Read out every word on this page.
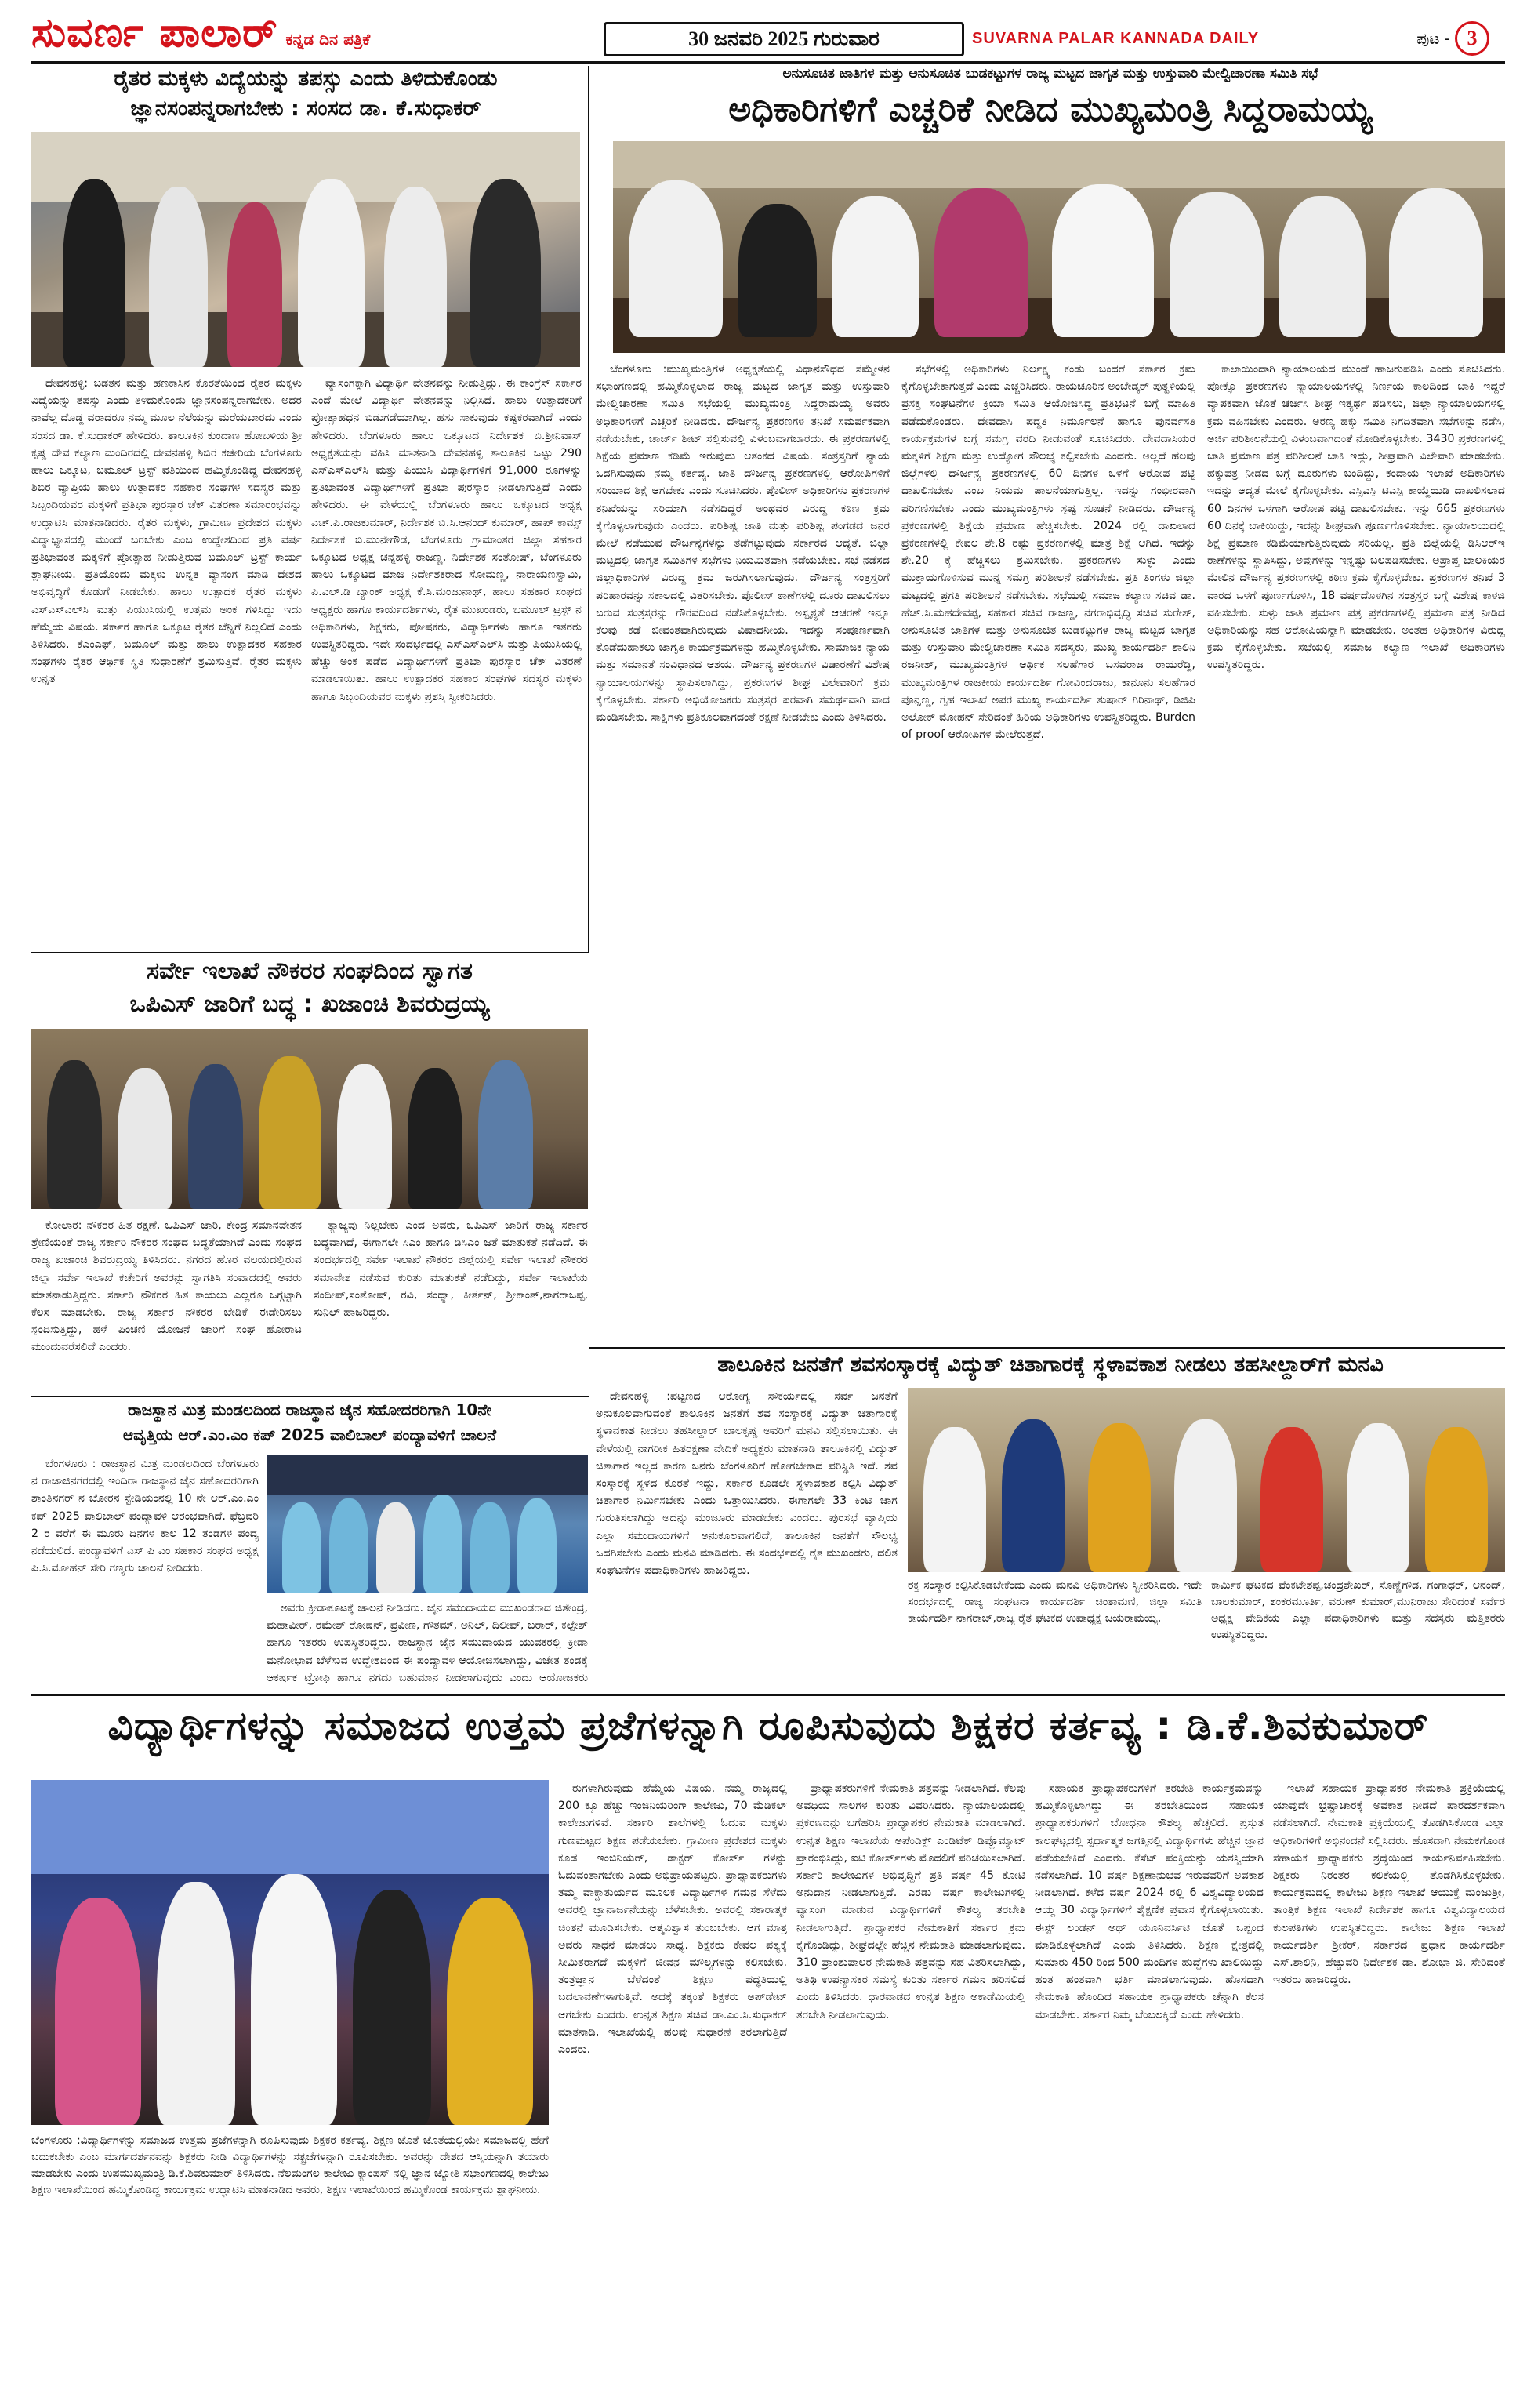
ಸುವರ್ಣ ಪಾಲಾರ್ ಕನ್ನಡ ದಿನ ಪತ್ರಿಕೆ	30 ಜನವರಿ 2025 ಗುರುವಾರ	SUVARNA PALAR KANNADA DAILY	ಪುಟ - 3
ರೈತರ ಮಕ್ಕಳು ವಿದ್ಯೆಯನ್ನು ತಪಸ್ಸು ಎಂದು ತಿಳಿದುಕೊಂಡು
ಜ್ಞಾನಸಂಪನ್ನರಾಗಬೇಕು : ಸಂಸದ ಡಾ. ಕೆ.ಸುಧಾಕರ್

ದೇವನಹಳ್ಳಿ: ಬಡತನ ಮತ್ತು ಹಣಕಾಸಿನ ಕೊರತೆಯಿಂದ ರೈತರ ಮಕ್ಕಳು ವಿದ್ಯೆಯನ್ನು ತಪಸ್ಸು ಎಂದು ತಿಳಿದುಕೊಂಡು ಜ್ಞಾನಸಂಪನ್ನರಾಗಬೇಕು. ಅದರ ನಾವೆಲ್ಲ ದೊಡ್ಡ ವರಾದರೂ ನಮ್ಮ ಮೂಲ ನೆಲೆಯನ್ನು ಮರೆಯಬಾರದು ಎಂದು ಸಂಸದ ಡಾ. ಕೆ.ಸುಧಾಕರ್ ಹೇಳಿದರು. ತಾಲೂಕಿನ ಕುಂದಾಣ ಹೋಬಳಿಯ ಶ್ರೀ ಕೃಷ್ಣ ದೇವ ಕಲ್ಯಾಣ ಮಂದಿರದಲ್ಲಿ ದೇವನಹಳ್ಳಿ ಶಿಬಿರ ಕಚೇರಿಯ ಬೆಂಗಳೂರು ಹಾಲು ಒಕ್ಕೂಟ, ಬಮೂಲ್ ಟ್ರಸ್ಟ್ ವತಿಯಿಂದ ಹಮ್ಮಿಕೊಂಡಿದ್ದ ದೇವನಹಳ್ಳಿ ಶಿಬಿರ ವ್ಯಾಪ್ತಿಯ ಹಾಲು ಉತ್ಪಾದಕರ ಸಹಕಾರ ಸಂಘಗಳ ಸದಸ್ಯರ ಮತ್ತು ಸಿಬ್ಬಂದಿಯವರ ಮಕ್ಕಳಿಗೆ ಪ್ರತಿಭಾ ಪುರಸ್ಕಾರ ಚೆಕ್ ವಿತರಣಾ ಸಮಾರಂಭವನ್ನು ಉದ್ಘಾಟಿಸಿ ಮಾತನಾಡಿದರು. ರೈತರ ಮಕ್ಕಳು, ಗ್ರಾಮೀಣ ಪ್ರದೇಶದ ಮಕ್ಕಳು ವಿದ್ಯಾಭ್ಯಾಸದಲ್ಲಿ ಮುಂದೆ ಬರಬೇಕು ಎಂಬ ಉದ್ದೇಶದಿಂದ ಪ್ರತಿ ವರ್ಷ ಪ್ರತಿಭಾವಂತ ಮಕ್ಕಳಿಗೆ ಪ್ರೋತ್ಸಾಹ ನೀಡುತ್ತಿರುವ ಬಮೂಲ್ ಟ್ರಸ್ಟ್ ಕಾರ್ಯ ಶ್ಲಾಘನೀಯ. ಪ್ರತಿಯೊಂದು ಮಕ್ಕಳು ಉನ್ನತ ವ್ಯಾಸಂಗ ಮಾಡಿ ದೇಶದ ಅಭಿವೃದ್ಧಿಗೆ ಕೊಡುಗೆ ನೀಡಬೇಕು. ಹಾಲು ಉತ್ಪಾದಕ ರೈತರ ಮಕ್ಕಳು ಎಸ್ಎಸ್ಎಲ್‌ಸಿ ಮತ್ತು ಪಿಯುಸಿಯಲ್ಲಿ ಉತ್ತಮ ಅಂಕ ಗಳಿಸಿದ್ದು ಇದು ಹೆಮ್ಮೆಯ ವಿಷಯ. ಸರ್ಕಾರ ಹಾಗೂ ಒಕ್ಕೂಟ ರೈತರ ಬೆನ್ನಿಗೆ ನಿಲ್ಲಲಿದೆ ಎಂದು ತಿಳಿಸಿದರು. ಕೆಎಂಎಫ್, ಬಮೂಲ್ ಮತ್ತು ಹಾಲು ಉತ್ಪಾದಕರ ಸಹಕಾರ ಸಂಘಗಳು ರೈತರ ಆರ್ಥಿಕ ಸ್ಥಿತಿ ಸುಧಾರಣೆಗೆ ಶ್ರಮಿಸುತ್ತಿವೆ. ರೈತರ ಮಕ್ಕಳು ಉನ್ನತ

ವ್ಯಾಸಂಗಕ್ಕಾಗಿ ವಿದ್ಯಾರ್ಥಿ ವೇತನವನ್ನು ನೀಡುತ್ತಿದ್ದು, ಈ ಕಾಂಗ್ರೆಸ್ ಸರ್ಕಾರ ಎಂದೆ ಮೇಲೆ ವಿದ್ಯಾರ್ಥಿ ವೇತನವನ್ನು ನಿಲ್ಲಿಸಿದೆ. ಹಾಲು ಉತ್ಪಾದಕರಿಗೆ ಪ್ರೋತ್ಸಾಹಧನ ಬಿಡುಗಡೆಯಾಗಿಲ್ಲ. ಹಸು ಸಾಕುವುದು ಕಷ್ಟಕರವಾಗಿದೆ ಎಂದು ಹೇಳಿದರು. ಬೆಂಗಳೂರು ಹಾಲು ಒಕ್ಕೂಟದ ನಿರ್ದೇಶಕ ಬಿ.ಶ್ರೀನಿವಾಸ್ ಅಧ್ಯಕ್ಷತೆಯನ್ನು ವಹಿಸಿ ಮಾತನಾಡಿ ದೇವನಹಳ್ಳಿ ತಾಲೂಕಿನ ಒಟ್ಟು 290 ಎಸ್ಎಸ್ಎಲ್‌ಸಿ ಮತ್ತು ಪಿಯುಸಿ ವಿದ್ಯಾರ್ಥಿಗಳಿಗೆ 91,000 ರೂಗಳನ್ನು ಪ್ರತಿಭಾವಂತ ವಿದ್ಯಾರ್ಥಿಗಳಿಗೆ ಪ್ರತಿಭಾ ಪುರಸ್ಕಾರ ನೀಡಲಾಗುತ್ತಿದೆ ಎಂದು ಹೇಳಿದರು. ಈ ವೇಳೆಯಲ್ಲಿ ಬೆಂಗಳೂರು ಹಾಲು ಒಕ್ಕೂಟದ ಅಧ್ಯಕ್ಷ ಎಚ್.ಪಿ.ರಾಜಕುಮಾರ್, ನಿರ್ದೇಶಕ ಬಿ.ಸಿ.ಆನಂದ್ ಕುಮಾರ್, ಹಾಪ್ ಕಾಮ್ಸ್ ನಿರ್ದೇಶಕ ಬಿ.ಮುನೇಗೌಡ, ಬೆಂಗಳೂರು ಗ್ರಾಮಾಂತರ ಜಿಲ್ಲಾ ಸಹಕಾರ ಒಕ್ಕೂಟದ ಅಧ್ಯಕ್ಷ ಚನ್ನಹಳ್ಳಿ ರಾಜಣ್ಣ, ನಿರ್ದೇಶಕ ಸಂತೋಷ್, ಬೆಂಗಳೂರು ಹಾಲು ಒಕ್ಕೂಟದ ಮಾಜಿ ನಿರ್ದೇಶಕರಾದ ಸೋಮಣ್ಣ, ನಾರಾಯಣಸ್ವಾಮಿ, ಪಿ.ಎಲ್.ಡಿ ಬ್ಯಾಂಕ್ ಅಧ್ಯಕ್ಷ ಕೆ.ಸಿ.ಮಂಜುನಾಥ್, ಹಾಲು ಸಹಕಾರ ಸಂಘದ ಅಧ್ಯಕ್ಷರು ಹಾಗೂ ಕಾರ್ಯದರ್ಶಿಗಳು, ರೈತ ಮುಖಂಡರು, ಬಮೂಲ್ ಟ್ರಸ್ಟ್ ನ ಅಧಿಕಾರಿಗಳು, ಶಿಕ್ಷಕರು, ಪೋಷಕರು, ವಿದ್ಯಾರ್ಥಿಗಳು ಹಾಗೂ ಇತರರು ಉಪಸ್ಥಿತರಿದ್ದರು. ಇದೇ ಸಂದರ್ಭದಲ್ಲಿ ಎಸ್ಎಸ್ಎಲ್‌ಸಿ ಮತ್ತು ಪಿಯುಸಿಯಲ್ಲಿ ಹೆಚ್ಚು ಅಂಕ ಪಡೆದ ವಿದ್ಯಾರ್ಥಿಗಳಿಗೆ ಪ್ರತಿಭಾ ಪುರಸ್ಕಾರ ಚೆಕ್ ವಿತರಣೆ ಮಾಡಲಾಯಿತು. ಹಾಲು ಉತ್ಪಾದಕರ ಸಹಕಾರ ಸಂಘಗಳ ಸದಸ್ಯರ ಮಕ್ಕಳು ಹಾಗೂ ಸಿಬ್ಬಂದಿಯವರ ಮಕ್ಕಳು ಪ್ರಶಸ್ತಿ ಸ್ವೀಕರಿಸಿದರು.

ಅನುಸೂಚಿತ ಜಾತಿಗಳ ಮತ್ತು ಅನುಸೂಚಿತ ಬುಡಕಟ್ಟುಗಳ ರಾಜ್ಯ ಮಟ್ಟದ ಜಾಗೃತ ಮತ್ತು ಉಸ್ತುವಾರಿ ಮೇಲ್ವಿಚಾರಣಾ ಸಮಿತಿ ಸಭೆ
ಅಧಿಕಾರಿಗಳಿಗೆ ಎಚ್ಚರಿಕೆ ನೀಡಿದ ಮುಖ್ಯಮಂತ್ರಿ ಸಿದ್ದರಾಮಯ್ಯ

ಬೆಂಗಳೂರು :ಮುಖ್ಯಮಂತ್ರಿಗಳ ಅಧ್ಯಕ್ಷತೆಯಲ್ಲಿ ವಿಧಾನಸೌಧದ ಸಮ್ಮೇಳನ ಸಭಾಂಗಣದಲ್ಲಿ ಹಮ್ಮಿಕೊಳ್ಳಲಾದ ರಾಜ್ಯ ಮಟ್ಟದ ಜಾಗೃತ ಮತ್ತು ಉಸ್ತುವಾರಿ ಮೇಲ್ವಿಚಾರಣಾ ಸಮಿತಿ ಸಭೆಯಲ್ಲಿ ಮುಖ್ಯಮಂತ್ರಿ ಸಿದ್ದರಾಮಯ್ಯ ಅವರು ಅಧಿಕಾರಿಗಳಿಗೆ ಎಚ್ಚರಿಕೆ ನೀಡಿದರು. ದೌರ್ಜನ್ಯ ಪ್ರಕರಣಗಳ ತನಿಖೆ ಸಮರ್ಪಕವಾಗಿ ನಡೆಯಬೇಕು, ಚಾರ್ಜ್ ಶೀಟ್ ಸಲ್ಲಿಸುವಲ್ಲಿ ವಿಳಂಬವಾಗಬಾರದು. ಈ ಪ್ರಕರಣಗಳಲ್ಲಿ ಶಿಕ್ಷೆಯ ಪ್ರಮಾಣ ಕಡಿಮೆ ಇರುವುದು ಆತಂಕದ ವಿಷಯ. ಸಂತ್ರಸ್ತರಿಗೆ ನ್ಯಾಯ ಒದಗಿಸುವುದು ನಮ್ಮ ಕರ್ತವ್ಯ. ಜಾತಿ ದೌರ್ಜನ್ಯ ಪ್ರಕರಣಗಳಲ್ಲಿ ಆರೋಪಿಗಳಿಗೆ ಸರಿಯಾದ ಶಿಕ್ಷೆ ಆಗಬೇಕು ಎಂದು ಸೂಚಿಸಿದರು. ಪೊಲೀಸ್ ಅಧಿಕಾರಿಗಳು ಪ್ರಕರಣಗಳ ತನಿಖೆಯನ್ನು ಸರಿಯಾಗಿ ನಡೆಸದಿದ್ದರೆ ಅಂಥವರ ವಿರುದ್ಧ ಕಠಿಣ ಕ್ರಮ ಕೈಗೊಳ್ಳಲಾಗುವುದು ಎಂದರು. ಪರಿಶಿಷ್ಟ ಜಾತಿ ಮತ್ತು ಪರಿಶಿಷ್ಟ ಪಂಗಡದ ಜನರ ಮೇಲೆ ನಡೆಯುವ ದೌರ್ಜನ್ಯಗಳನ್ನು ತಡೆಗಟ್ಟುವುದು ಸರ್ಕಾರದ ಆದ್ಯತೆ. ಜಿಲ್ಲಾ ಮಟ್ಟದಲ್ಲಿ ಜಾಗೃತ ಸಮಿತಿಗಳ ಸಭೆಗಳು ನಿಯಮಿತವಾಗಿ ನಡೆಯಬೇಕು. ಸಭೆ ನಡೆಸದ ಜಿಲ್ಲಾಧಿಕಾರಿಗಳ ವಿರುದ್ಧ ಕ್ರಮ ಜರುಗಿಸಲಾಗುವುದು. ದೌರ್ಜನ್ಯ ಸಂತ್ರಸ್ತರಿಗೆ ಪರಿಹಾರವನ್ನು ಸಕಾಲದಲ್ಲಿ ವಿತರಿಸಬೇಕು. ಪೊಲೀಸ್ ಠಾಣೆಗಳಲ್ಲಿ ದೂರು ದಾಖಲಿಸಲು ಬರುವ ಸಂತ್ರಸ್ತರನ್ನು ಗೌರವದಿಂದ ನಡೆಸಿಕೊಳ್ಳಬೇಕು. ಅಸ್ಪೃಶ್ಯತೆ ಆಚರಣೆ ಇನ್ನೂ ಕೆಲವು ಕಡೆ ಜೀವಂತವಾಗಿರುವುದು ವಿಷಾದನೀಯ. ಇದನ್ನು ಸಂಪೂರ್ಣವಾಗಿ ತೊಡೆದುಹಾಕಲು ಜಾಗೃತಿ ಕಾರ್ಯಕ್ರಮಗಳನ್ನು ಹಮ್ಮಿಕೊಳ್ಳಬೇಕು. ಸಾಮಾಜಿಕ ನ್ಯಾಯ ಮತ್ತು ಸಮಾನತೆ ಸಂವಿಧಾನದ ಆಶಯ. ದೌರ್ಜನ್ಯ ಪ್ರಕರಣಗಳ ವಿಚಾರಣೆಗೆ ವಿಶೇಷ ನ್ಯಾಯಾಲಯಗಳನ್ನು ಸ್ಥಾಪಿಸಲಾಗಿದ್ದು, ಪ್ರಕರಣಗಳ ಶೀಘ್ರ ವಿಲೇವಾರಿಗೆ ಕ್ರಮ ಕೈಗೊಳ್ಳಬೇಕು. ಸರ್ಕಾರಿ ಅಭಿಯೋಜಕರು ಸಂತ್ರಸ್ತರ ಪರವಾಗಿ ಸಮರ್ಥವಾಗಿ ವಾದ ಮಂಡಿಸಬೇಕು. ಸಾಕ್ಷಿಗಳು ಪ್ರತಿಕೂಲವಾಗದಂತೆ ರಕ್ಷಣೆ ನೀಡಬೇಕು ಎಂದು ತಿಳಿಸಿದರು.

ಸಭೆಗಳಲ್ಲಿ ಅಧಿಕಾರಿಗಳು ನಿರ್ಲಕ್ಷ್ಯ ಕಂಡು ಬಂದರೆ ಸರ್ಕಾರ ಕ್ರಮ ಕೈಗೊಳ್ಳಬೇಕಾಗುತ್ತದೆ ಎಂದು ಎಚ್ಚರಿಸಿದರು. ರಾಯಚೂರಿನ ಅಂಬೇಡ್ಕರ್ ಪುತ್ಥಳಿಯಲ್ಲಿ ಪ್ರಸಕ್ತ ಸಂಘಟನೆಗಳ ಕ್ರಿಯಾ ಸಮಿತಿ ಆಯೋಜಿಸಿದ್ದ ಪ್ರತಿಭಟನೆ ಬಗ್ಗೆ ಮಾಹಿತಿ ಪಡೆದುಕೊಂಡರು. ದೇವದಾಸಿ ಪದ್ಧತಿ ನಿರ್ಮೂಲನೆ ಹಾಗೂ ಪುನರ್ವಸತಿ ಕಾರ್ಯಕ್ರಮಗಳ ಬಗ್ಗೆ ಸಮಗ್ರ ವರದಿ ನೀಡುವಂತೆ ಸೂಚಿಸಿದರು. ದೇವದಾಸಿಯರ ಮಕ್ಕಳಿಗೆ ಶಿಕ್ಷಣ ಮತ್ತು ಉದ್ಯೋಗ ಸೌಲಭ್ಯ ಕಲ್ಪಿಸಬೇಕು ಎಂದರು. ಅಲ್ಲದೆ ಹಲವು ಜಿಲ್ಲೆಗಳಲ್ಲಿ ದೌರ್ಜನ್ಯ ಪ್ರಕರಣಗಳಲ್ಲಿ 60 ದಿನಗಳ ಒಳಗೆ ಆರೋಪ ಪಟ್ಟಿ ದಾಖಲಿಸಬೇಕು ಎಂಬ ನಿಯಮ ಪಾಲನೆಯಾಗುತ್ತಿಲ್ಲ. ಇದನ್ನು ಗಂಭೀರವಾಗಿ ಪರಿಗಣಿಸಬೇಕು ಎಂದು ಮುಖ್ಯಮಂತ್ರಿಗಳು ಸ್ಪಷ್ಟ ಸೂಚನೆ ನೀಡಿದರು. ದೌರ್ಜನ್ಯ ಪ್ರಕರಣಗಳಲ್ಲಿ ಶಿಕ್ಷೆಯ ಪ್ರಮಾಣ ಹೆಚ್ಚಿಸಬೇಕು. 2024 ರಲ್ಲಿ ದಾಖಲಾದ ಪ್ರಕರಣಗಳಲ್ಲಿ ಕೇವಲ ಶೇ.8 ರಷ್ಟು ಪ್ರಕರಣಗಳಲ್ಲಿ ಮಾತ್ರ ಶಿಕ್ಷೆ ಆಗಿದೆ. ಇದನ್ನು ಶೇ.20 ಕ್ಕೆ ಹೆಚ್ಚಿಸಲು ಶ್ರಮಿಸಬೇಕು. ಪ್ರಕರಣಗಳು ಸುಳ್ಳು ಎಂದು ಮುಕ್ತಾಯಗೊಳಿಸುವ ಮುನ್ನ ಸಮಗ್ರ ಪರಿಶೀಲನೆ ನಡೆಸಬೇಕು. ಪ್ರತಿ ತಿಂಗಳು ಜಿಲ್ಲಾ ಮಟ್ಟದಲ್ಲಿ ಪ್ರಗತಿ ಪರಿಶೀಲನೆ ನಡೆಸಬೇಕು. ಸಭೆಯಲ್ಲಿ ಸಮಾಜ ಕಲ್ಯಾಣ ಸಚಿವ ಡಾ. ಹೆಚ್.ಸಿ.ಮಹದೇವಪ್ಪ, ಸಹಕಾರ ಸಚಿವ ರಾಜಣ್ಣ, ನಗರಾಭಿವೃದ್ಧಿ ಸಚಿವ ಸುರೇಶ್, ಅನುಸೂಚಿತ ಜಾತಿಗಳ ಮತ್ತು ಅನುಸೂಚಿತ ಬುಡಕಟ್ಟುಗಳ ರಾಜ್ಯ ಮಟ್ಟದ ಜಾಗೃತ ಮತ್ತು ಉಸ್ತುವಾರಿ ಮೇಲ್ವಿಚಾರಣಾ ಸಮಿತಿ ಸದಸ್ಯರು, ಮುಖ್ಯ ಕಾರ್ಯದರ್ಶಿ ಶಾಲಿನಿ ರಜನೀಶ್, ಮುಖ್ಯಮಂತ್ರಿಗಳ ಆರ್ಥಿಕ ಸಲಹೆಗಾರ ಬಸವರಾಜ ರಾಯರೆಡ್ಡಿ, ಮುಖ್ಯಮಂತ್ರಿಗಳ ರಾಜಕೀಯ ಕಾರ್ಯದರ್ಶಿ ಗೋವಿಂದರಾಜು, ಕಾನೂನು ಸಲಹೆಗಾರ ಪೊನ್ನಣ್ಣ, ಗೃಹ ಇಲಾಖೆ ಅಪರ ಮುಖ್ಯ ಕಾರ್ಯದರ್ಶಿ ತುಷಾರ್ ಗಿರಿನಾಥ್, ಡಿಜಿಪಿ ಅಲೋಕ್ ಮೋಹನ್ ಸೇರಿದಂತೆ ಹಿರಿಯ ಅಧಿಕಾರಿಗಳು ಉಪಸ್ಥಿತರಿದ್ದರು. Burden of proof ಆರೋಪಿಗಳ ಮೇಲೆರುತ್ತದೆ.

ಕಾಲಾಯಿಂದಾಗಿ ನ್ಯಾಯಾಲಯದ ಮುಂದೆ ಹಾಜರುಪಡಿಸಿ ಎಂದು ಸೂಚಿಸಿದರು. ಪೋಕ್ಸೊ ಪ್ರಕರಣಗಳು ನ್ಯಾಯಾಲಯಗಳಲ್ಲಿ ನಿರ್ಣಯ ಕಾಲದಿಂದ ಬಾಕಿ ಇದ್ದರೆ ವ್ಯಾಪಕವಾಗಿ ಜೊತೆ ಚರ್ಚಿಸಿ ಶೀಘ್ರ ಇತ್ಯರ್ಥ ಪಡಿಸಲು, ಜಿಲ್ಲಾ ನ್ಯಾಯಾಲಯಗಳಲ್ಲಿ ಕ್ರಮ ವಹಿಸಬೇಕು ಎಂದರು. ಅರಣ್ಯ ಹಕ್ಕು ಸಮಿತಿ ನಿಗದಿತವಾಗಿ ಸಭೆಗಳನ್ನು ನಡೆಸಿ, ಅರ್ಜಿ ಪರಿಶೀಲನೆಯಲ್ಲಿ ವಿಳಂಬವಾಗದಂತೆ ನೋಡಿಕೊಳ್ಳಬೇಕು. 3430 ಪ್ರಕರಣಗಳಲ್ಲಿ ಜಾತಿ ಪ್ರಮಾಣ ಪತ್ರ ಪರಿಶೀಲನೆ ಬಾಕಿ ಇದ್ದು, ಶೀಘ್ರವಾಗಿ ವಿಲೇವಾರಿ ಮಾಡಬೇಕು. ಹಕ್ಕುಪತ್ರ ನೀಡದ ಬಗ್ಗೆ ದೂರುಗಳು ಬಂದಿದ್ದು, ಕಂದಾಯ ಇಲಾಖೆ ಅಧಿಕಾರಿಗಳು ಇದನ್ನು ಆದ್ಯತೆ ಮೇಲೆ ಕೈಗೊಳ್ಳಬೇಕು. ಎಸ್ಸಿಎಸ್ಪಿ ಟಿಎಸ್ಪಿ ಕಾಯ್ದೆಯಡಿ ದಾಖಲಿಸಲಾದ 60 ದಿನಗಳ ಒಳಗಾಗಿ ಆರೋಪ ಪಟ್ಟಿ ದಾಖಲಿಸಬೇಕು. ಇನ್ನು 665 ಪ್ರಕರಣಗಳು 60 ದಿನಕ್ಕೆ ಬಾಕಿಯಿದ್ದು, ಇದನ್ನು ಶೀಘ್ರವಾಗಿ ಪೂರ್ಣಗೊಳಿಸಬೇಕು. ನ್ಯಾಯಾಲಯದಲ್ಲಿ ಶಿಕ್ಷೆ ಪ್ರಮಾಣ ಕಡಿಮೆಯಾಗುತ್ತಿರುವುದು ಸರಿಯಲ್ಲ. ಪ್ರತಿ ಜಿಲ್ಲೆಯಲ್ಲಿ ಡಿಸಿಆರ್‌ಇ ಠಾಣೆಗಳನ್ನು ಸ್ಥಾಪಿಸಿದ್ದು, ಅವುಗಳನ್ನು ಇನ್ನಷ್ಟು ಬಲಪಡಿಸಬೇಕು. ಅಪ್ರಾಪ್ತ ಬಾಲಕಿಯರ ಮೇಲಿನ ದೌರ್ಜನ್ಯ ಪ್ರಕರಣಗಳಲ್ಲಿ ಕಠಿಣ ಕ್ರಮ ಕೈಗೊಳ್ಳಬೇಕು. ಪ್ರಕರಣಗಳ ತನಿಖೆ 3 ವಾರದ ಒಳಗೆ ಪೂರ್ಣಗೊಳಿಸಿ, 18 ವರ್ಷದೊಳಗಿನ ಸಂತ್ರಸ್ತರ ಬಗ್ಗೆ ವಿಶೇಷ ಕಾಳಜಿ ವಹಿಸಬೇಕು. ಸುಳ್ಳು ಜಾತಿ ಪ್ರಮಾಣ ಪತ್ರ ಪ್ರಕರಣಗಳಲ್ಲಿ ಪ್ರಮಾಣ ಪತ್ರ ನೀಡಿದ ಅಧಿಕಾರಿಯನ್ನು ಸಹ ಆರೋಪಿಯನ್ನಾಗಿ ಮಾಡಬೇಕು. ಅಂತಹ ಅಧಿಕಾರಿಗಳ ವಿರುದ್ಧ ಕ್ರಮ ಕೈಗೊಳ್ಳಬೇಕು. ಸಭೆಯಲ್ಲಿ ಸಮಾಜ ಕಲ್ಯಾಣ ಇಲಾಖೆ ಅಧಿಕಾರಿಗಳು ಉಪಸ್ಥಿತರಿದ್ದರು.

ಸರ್ವೇ ಇಲಾಖೆ ನೌಕರರ ಸಂಘದಿಂದ ಸ್ವಾಗತ
ಒಪಿಎಸ್ ಜಾರಿಗೆ ಬದ್ಧ : ಖಜಾಂಚಿ ಶಿವರುದ್ರಯ್ಯ

ಕೋಲಾರ: ನೌಕರರ ಹಿತ ರಕ್ಷಣೆ, ಒಪಿಎಸ್ ಜಾರಿ, ಕೇಂದ್ರ ಸಮಾನವೇತನ ಶ್ರೇಣಿಯಂತೆ ರಾಜ್ಯ ಸರ್ಕಾರಿ ನೌಕರರ ಸಂಘದ ಬದ್ಧತೆಯಾಗಿದೆ ಎಂದು ಸಂಘದ ರಾಜ್ಯ ಖಜಾಂಚಿ ಶಿವರುದ್ರಯ್ಯ ತಿಳಿಸಿದರು. ನಗರದ ಹೊರ ವಲಯದಲ್ಲಿರುವ ಜಿಲ್ಲಾ ಸರ್ವೇ ಇಲಾಖೆ ಕಚೇರಿಗೆ ಅವರನ್ನು ಸ್ವಾಗತಿಸಿ ಸಂವಾದದಲ್ಲಿ ಅವರು ಮಾತನಾಡುತ್ತಿದ್ದರು. ಸರ್ಕಾರಿ ನೌಕರರ ಹಿತ ಕಾಯಲು ಎಲ್ಲರೂ ಒಗ್ಗಟ್ಟಾಗಿ ಕೆಲಸ ಮಾಡಬೇಕು. ರಾಜ್ಯ ಸರ್ಕಾರ ನೌಕರರ ಬೇಡಿಕೆ ಈಡೇರಿಸಲು ಸ್ಪಂದಿಸುತ್ತಿದ್ದು, ಹಳೆ ಪಿಂಚಣಿ ಯೋಜನೆ ಜಾರಿಗೆ ಸಂಘ ಹೋರಾಟ ಮುಂದುವರೆಸಲಿದೆ ಎಂದರು.

ತ್ಯಾಜ್ಯವು ನಿಲ್ಲಬೇಕು ಎಂದ ಅವರು, ಒಪಿಎಸ್ ಜಾರಿಗೆ ರಾಜ್ಯ ಸರ್ಕಾರ ಬದ್ಧವಾಗಿದೆ, ಈಗಾಗಲೇ ಸಿಎಂ ಹಾಗೂ ಡಿಸಿಎಂ ಜತೆ ಮಾತುಕತೆ ನಡೆದಿದೆ. ಈ ಸಂದರ್ಭದಲ್ಲಿ ಸರ್ವೇ ಇಲಾಖೆ ನೌಕರರ ಜಿಲ್ಲೆಯಲ್ಲಿ ಸರ್ವೇ ಇಲಾಖೆ ನೌಕರರ ಸಮಾವೇಶ ನಡೆಸುವ ಕುರಿತು ಮಾತುಕತೆ ನಡೆದಿದ್ದು, ಸರ್ವೇ ಇಲಾಖೆಯ ಸಂದೀಪ್,ಸಂತೋಷ್, ರವಿ, ಸಂಧ್ಯಾ, ಕೀರ್ತನ್, ಶ್ರೀಕಾಂತ್,ನಾಗರಾಜಪ್ಪ, ಸುನಿಲ್ ಹಾಜರಿದ್ದರು.

ರಾಜಸ್ಥಾನ ಮಿತ್ರ ಮಂಡಲದಿಂದ ರಾಜಸ್ಥಾನ ಜೈನ ಸಹೋದರರಿಗಾಗಿ 10ನೇ
ಆವೃತ್ತಿಯ ಆರ್.ಎಂ.ಎಂ ಕಪ್ 2025 ವಾಲಿಬಾಲ್ ಪಂದ್ಯಾವಳಿಗೆ ಚಾಲನೆ

ಬೆಂಗಳೂರು : ರಾಜಸ್ಥಾನ ಮಿತ್ರ ಮಂಡಲದಿಂದ ಬೆಂಗಳೂರು ನ ರಾಜಾಜಿನಗರದಲ್ಲಿ ಇಂದಿರಾ ರಾಜಸ್ಥಾನ ಜೈನ ಸಹೋದರರಿಗಾಗಿ ಶಾಂತಿನಗರ್ ನ ಬೋರನ ಸ್ಟೇಡಿಯಂನಲ್ಲಿ 10 ನೇ ಆರ್.ಎಂ.ಎಂ ಕಪ್ 2025 ವಾಲಿಬಾಲ್ ಪಂದ್ಯಾವಳಿ ಆರಂಭವಾಗಿದೆ. ಫೆಬ್ರವರಿ 2 ರ ವರೆಗೆ ಈ ಮೂರು ದಿನಗಳ ಕಾಲ 12 ತಂಡಗಳ ಪಂದ್ಯ ನಡೆಯಲಿದೆ. ಪಂದ್ಯಾವಳಿಗೆ ಎಸ್ ಪಿ ಎಂ ಸಹಕಾರ ಸಂಘದ ಅಧ್ಯಕ್ಷ ಪಿ.ಸಿ.ಮೋಹನ್ ಸೇರಿ ಗಣ್ಯರು ಚಾಲನೆ ನೀಡಿದರು.

ಅವರು ಕ್ರೀಡಾಕೂಟಕ್ಕೆ ಚಾಲನೆ ನೀಡಿದರು. ಜೈನ ಸಮುದಾಯದ ಮುಖಂಡರಾದ ಜಿತೇಂದ್ರ, ಮಹಾವೀರ್, ರಮೇಶ್ ರೋಷನ್, ಪ್ರವೀಣ, ಗೌತಮ್, ಅನಿಲ್, ದಿಲೀಪ್, ಬರಾರ್, ಕಲ್ಪೇಶ್ ಹಾಗೂ ಇತರರು ಉಪಸ್ಥಿತರಿದ್ದರು. ರಾಜಸ್ಥಾನ ಜೈನ ಸಮುದಾಯದ ಯುವಕರಲ್ಲಿ ಕ್ರೀಡಾ ಮನೋಭಾವ ಬೆಳೆಸುವ ಉದ್ದೇಶದಿಂದ ಈ ಪಂದ್ಯಾವಳಿ ಆಯೋಜಿಸಲಾಗಿದ್ದು, ವಿಜೇತ ತಂಡಕ್ಕೆ ಆಕರ್ಷಕ ಟ್ರೋಫಿ ಹಾಗೂ ನಗದು ಬಹುಮಾನ ನೀಡಲಾಗುವುದು ಎಂದು ಆಯೋಜಕರು

ತಾಲೂಕಿನ ಜನತೆಗೆ ಶವಸಂಸ್ಕಾರಕ್ಕೆ ವಿದ್ಯುತ್ ಚಿತಾಗಾರಕ್ಕೆ ಸ್ಥಳಾವಕಾಶ ನೀಡಲು ತಹಸೀಲ್ದಾರ್‌ಗೆ ಮನವಿ

ದೇವನಹಳ್ಳಿ :ಪಟ್ಟಣದ ಆರೋಗ್ಯ ಸೌಕರ್ಯದಲ್ಲಿ ಸರ್ವ ಜನತೆಗೆ ಅನುಕೂಲವಾಗುವಂತೆ ತಾಲೂಕಿನ ಜನತೆಗೆ ಶವ ಸಂಸ್ಕಾರಕ್ಕೆ ವಿದ್ಯುತ್ ಚಿತಾಗಾರಕ್ಕೆ ಸ್ಥಳಾವಕಾಶ ನೀಡಲು ತಹಸೀಲ್ದಾರ್ ಬಾಲಕೃಷ್ಣ ಅವರಿಗೆ ಮನವಿ ಸಲ್ಲಿಸಲಾಯಿತು. ಈ ವೇಳೆಯಲ್ಲಿ ನಾಗರೀಕ ಹಿತರಕ್ಷಣಾ ವೇದಿಕೆ ಅಧ್ಯಕ್ಷರು ಮಾತನಾಡಿ ತಾಲೂಕಿನಲ್ಲಿ ವಿದ್ಯುತ್ ಚಿತಾಗಾರ ಇಲ್ಲದ ಕಾರಣ ಜನರು ಬೆಂಗಳೂರಿಗೆ ಹೋಗಬೇಕಾದ ಪರಿಸ್ಥಿತಿ ಇದೆ. ಶವ ಸಂಸ್ಕಾರಕ್ಕೆ ಸ್ಥಳದ ಕೊರತೆ ಇದ್ದು, ಸರ್ಕಾರ ಕೂಡಲೇ ಸ್ಥಳಾವಕಾಶ ಕಲ್ಪಿಸಿ ವಿದ್ಯುತ್ ಚಿತಾಗಾರ ನಿರ್ಮಿಸಬೇಕು ಎಂದು ಒತ್ತಾಯಿಸಿದರು. ಈಗಾಗಲೇ 33 ಕಿಂಟಿ ಜಾಗ ಗುರುತಿಸಲಾಗಿದ್ದು ಅದನ್ನು ಮಂಜೂರು ಮಾಡಬೇಕು ಎಂದರು. ಪುರಸಭೆ ವ್ಯಾಪ್ತಿಯ ಎಲ್ಲಾ ಸಮುದಾಯಗಳಿಗೆ ಅನುಕೂಲವಾಗಲಿದೆ, ತಾಲೂಕಿನ ಜನತೆಗೆ ಸೌಲಭ್ಯ ಒದಗಿಸಬೇಕು ಎಂದು ಮನವಿ ಮಾಡಿದರು. ಈ ಸಂದರ್ಭದಲ್ಲಿ ರೈತ ಮುಖಂಡರು, ದಲಿತ ಸಂಘಟನೆಗಳ ಪದಾಧಿಕಾರಿಗಳು ಹಾಜರಿದ್ದರು.

ರಕ್ತ ಸಂಸ್ಕಾರ ಕಲ್ಪಿಸಿಕೊಡಬೇಕೆಂದು ಎಂದು ಮನವಿ ಅಧಿಕಾರಿಗಳು ಸ್ವೀಕರಿಸಿದರು. ಇದೇ ಸಂದರ್ಭದಲ್ಲಿ ರಾಜ್ಯ ಸಂಘಟನಾ ಕಾರ್ಯದರ್ಶಿ ಚಿಂತಾಮಣಿ, ಜಿಲ್ಲಾ ಸಮಿತಿ ಕಾರ್ಯದರ್ಶಿ ನಾಗರಾಜ್,ರಾಜ್ಯ ರೈತ ಘಟಕದ ಉಪಾಧ್ಯಕ್ಷ ಜಯರಾಮಯ್ಯ,
ಕಾರ್ಮಿಕ ಘಟಕದ ವೆಂಕಟೇಶಪ್ಪ,ಚಂದ್ರಶೇಖರ್, ಸೊಣ್ಣೆಗೌಡ, ಗಂಗಾಧರ್, ಆನಂದ್, ಬಾಲಕುಮಾರ್, ಶಂಕರಮೂರ್ತಿ, ವರುಣ್ ಕುಮಾರ್,ಮುನಿರಾಜು ಸೇರಿದಂತೆ ಸರ್ವೆರ ಅಧ್ಯಕ್ಷ ವೇದಿಕೆಯ ಎಲ್ಲಾ ಪದಾಧಿಕಾರಿಗಳು ಮತ್ತು ಸದಸ್ಯರು ಮತ್ತಿತರರು ಉಪಸ್ಥಿತರಿದ್ದರು.
ವಿದ್ಯಾರ್ಥಿಗಳನ್ನು ಸಮಾಜದ ಉತ್ತಮ ಪ್ರಜೆಗಳನ್ನಾಗಿ ರೂಪಿಸುವುದು ಶಿಕ್ಷಕರ ಕರ್ತವ್ಯ : ಡಿ.ಕೆ.ಶಿವಕುಮಾರ್
ಬೆಂಗಳೂರು :ವಿದ್ಯಾರ್ಥಿಗಳನ್ನು ಸಮಾಜದ ಉತ್ತಮ ಪ್ರಜೆಗಳನ್ನಾಗಿ ರೂಪಿಸುವುದು ಶಿಕ್ಷಕರ ಕರ್ತವ್ಯ. ಶಿಕ್ಷಣ ಜೊತೆ ಜೊತೆಯಲ್ಲಿಯೇ ಸಮಾಜದಲ್ಲಿ ಹೇಗೆ ಬದುಕಬೇಕು ಎಂಬ ಮಾರ್ಗದರ್ಶನವನ್ನು ಶಿಕ್ಷಕರು ನೀಡಿ ವಿದ್ಯಾರ್ಥಿಗಳನ್ನು ಸತ್ಪ್ರಜೆಗಳನ್ನಾಗಿ ರೂಪಿಸಬೇಕು. ಅವರನ್ನು ದೇಶದ ಆಸ್ತಿಯನ್ನಾಗಿ ತಯಾರು ಮಾಡಬೇಕು ಎಂದು ಉಪಮುಖ್ಯಮಂತ್ರಿ ಡಿ.ಕೆ.ಶಿವಕುಮಾರ್ ತಿಳಿಸಿದರು. ನೆಲಮಂಗಲ ಕಾಲೇಜು ಕ್ಯಾಂಪಸ್ ನಲ್ಲಿ ಜ್ಞಾನ ಜ್ಯೋತಿ ಸಭಾಂಗಣದಲ್ಲಿ ಕಾಲೇಜು ಶಿಕ್ಷಣ ಇಲಾಖೆಯಿಂದ ಹಮ್ಮಿಕೊಂಡಿದ್ದ ಕಾರ್ಯಕ್ರಮ ಉದ್ಘಾಟಿಸಿ ಮಾತನಾಡಿದ ಅವರು, ಶಿಕ್ಷಣ ಇಲಾಖೆಯಿಂದ ಹಮ್ಮಿಕೊಂಡ ಕಾರ್ಯಕ್ರಮ ಶ್ಲಾಘನೀಯ.

ರುಗಳಾಗಿರುವುದು ಹೆಮ್ಮೆಯ ವಿಷಯ. ನಮ್ಮ ರಾಜ್ಯದಲ್ಲಿ 200 ಕ್ಕೂ ಹೆಚ್ಚು ಇಂಜಿನಿಯರಿಂಗ್ ಕಾಲೇಜು, 70 ಮೆಡಿಕಲ್ ಕಾಲೇಜುಗಳಿವೆ. ಸರ್ಕಾರಿ ಶಾಲೆಗಳಲ್ಲಿ ಓದುವ ಮಕ್ಕಳು ಗುಣಮಟ್ಟದ ಶಿಕ್ಷಣ ಪಡೆಯಬೇಕು. ಗ್ರಾಮೀಣ ಪ್ರದೇಶದ ಮಕ್ಕಳು ಕೂಡ ಇಂಜಿನಿಯರ್, ಡಾಕ್ಟರ್ ಕೋರ್ಸ್ ಗಳನ್ನು ಓದುವಂತಾಗಬೇಕು ಎಂದು ಅಭಿಪ್ರಾಯಪಟ್ಟರು. ಪ್ರಾಧ್ಯಾಪಕರುಗಳು ತಮ್ಮ ವಾಕ್ಚಾತುರ್ಯದ ಮೂಲಕ ವಿದ್ಯಾರ್ಥಿಗಳ ಗಮನ ಸೆಳೆದು ಅವರಲ್ಲಿ ಜ್ಞಾನಾರ್ಜನೆಯನ್ನು ಬೆಳೆಸಬೇಕು. ಅವರಲ್ಲಿ ಸಕಾರಾತ್ಮಕ ಚಿಂತನೆ ಮೂಡಿಸಬೇಕು. ಆತ್ಮವಿಶ್ವಾಸ ತುಂಬಬೇಕು. ಆಗ ಮಾತ್ರ ಅವರು ಸಾಧನೆ ಮಾಡಲು ಸಾಧ್ಯ. ಶಿಕ್ಷಕರು ಕೇವಲ ಪಠ್ಯಕ್ಕೆ ಸೀಮಿತರಾಗದೆ ಮಕ್ಕಳಿಗೆ ಜೀವನ ಮೌಲ್ಯಗಳನ್ನು ಕಲಿಸಬೇಕು. ತಂತ್ರಜ್ಞಾನ ಬೆಳೆದಂತೆ ಶಿಕ್ಷಣ ಪದ್ಧತಿಯಲ್ಲಿ ಬದಲಾವಣೆಗಳಾಗುತ್ತಿವೆ. ಅದಕ್ಕೆ ತಕ್ಕಂತೆ ಶಿಕ್ಷಕರು ಅಪ್‌ಡೇಟ್ ಆಗಬೇಕು ಎಂದರು. ಉನ್ನತ ಶಿಕ್ಷಣ ಸಚಿವ ಡಾ.ಎಂ.ಸಿ.ಸುಧಾಕರ್ ಮಾತನಾಡಿ, ಇಲಾಖೆಯಲ್ಲಿ ಹಲವು ಸುಧಾರಣೆ ತರಲಾಗುತ್ತಿದೆ ಎಂದರು.

ಪ್ರಾಧ್ಯಾಪಕರುಗಳಿಗೆ ನೇಮಕಾತಿ ಪತ್ರವನ್ನು ನೀಡಲಾಗಿದೆ. ಕೆಲವು ಅವಧಿಯ ಸಾಲಗಳ ಕುರಿತು ವಿವರಿಸಿದರು. ನ್ಯಾಯಾಲಯದಲ್ಲಿ ಪ್ರಕರಣವನ್ನು ಬಗೆಹರಿಸಿ ಪ್ರಾಧ್ಯಾಪಕರ ನೇಮಕಾತಿ ಮಾಡಲಾಗಿದೆ. ಉನ್ನತ ಶಿಕ್ಷಣ ಇಲಾಖೆಯ ಅಪೆಂಡಿಕ್ಸ್ ಎಂಡಿಟೆಕ್ ಡಿಪ್ಲೊಮ್ಯಾಟ್ ಪ್ರಾರಂಭಿಸಿದ್ದು, ಐಟಿ ಕೋರ್ಸ್‌ಗಳು ಮೊದಲಿಗೆ ಪರಿಚಯಿಸಲಾಗಿದೆ. ಸರ್ಕಾರಿ ಕಾಲೇಜುಗಳ ಅಭಿವೃದ್ಧಿಗೆ ಪ್ರತಿ ವರ್ಷ 45 ಕೋಟಿ ಅನುದಾನ ನೀಡಲಾಗುತ್ತಿದೆ. ಎರಡು ವರ್ಷ ಕಾಲೇಜುಗಳಲ್ಲಿ ವ್ಯಾಸಂಗ ಮಾಡುವ ವಿದ್ಯಾರ್ಥಿಗಳಿಗೆ ಕೌಶಲ್ಯ ತರಬೇತಿ ನೀಡಲಾಗುತ್ತಿದೆ. ಪ್ರಾಧ್ಯಾಪಕರ ನೇಮಕಾತಿಗೆ ಸರ್ಕಾರ ಕ್ರಮ ಕೈಗೊಂಡಿದ್ದು, ಶೀಘ್ರದಲ್ಲೇ ಹೆಚ್ಚಿನ ನೇಮಕಾತಿ ಮಾಡಲಾಗುವುದು. 310 ಪ್ರಾಂಶುಪಾಲರ ನೇಮಕಾತಿ ಪತ್ರವನ್ನು ಸಹ ವಿತರಿಸಲಾಗಿದ್ದು, ಅತಿಥಿ ಉಪನ್ಯಾಸಕರ ಸಮಸ್ಯೆ ಕುರಿತು ಸರ್ಕಾರ ಗಮನ ಹರಿಸಲಿದೆ ಎಂದು ತಿಳಿಸಿದರು. ಧಾರವಾಡದ ಉನ್ನತ ಶಿಕ್ಷಣ ಅಕಾಡೆಮಿಯಲ್ಲಿ ತರಬೇತಿ ನೀಡಲಾಗುವುದು.

ಸಹಾಯಕ ಪ್ರಾಧ್ಯಾಪಕರುಗಳಿಗೆ ತರಬೇತಿ ಕಾರ್ಯಕ್ರಮವನ್ನು ಹಮ್ಮಿಕೊಳ್ಳಲಾಗಿದ್ದು ಈ ತರಬೇತಿಯಿಂದ ಸಹಾಯಕ ಪ್ರಾಧ್ಯಾಪಕರುಗಳಿಗೆ ಬೋಧನಾ ಕೌಶಲ್ಯ ಹೆಚ್ಚಲಿದೆ. ಪ್ರಸ್ತುತ ಕಾಲಘಟ್ಟದಲ್ಲಿ ಸ್ಪರ್ಧಾತ್ಮಕ ಜಗತ್ತಿನಲ್ಲಿ ವಿದ್ಯಾರ್ಥಿಗಳು ಹೆಚ್ಚಿನ ಜ್ಞಾನ ಪಡೆಯಬೇಕಿದೆ ಎಂದರು. ಕೆಸೆಟ್ ಪಂಕ್ತಿಯನ್ನು ಯಶಸ್ವಿಯಾಗಿ ನಡೆಸಲಾಗಿದೆ. 10 ವರ್ಷ ಶಿಕ್ಷಣಾನುಭವ ಇರುವವರಿಗೆ ಅವಕಾಶ ನೀಡಲಾಗಿದೆ. ಕಳೆದ ವರ್ಷ 2024 ರಲ್ಲಿ 6 ವಿಶ್ವವಿದ್ಯಾಲಯದ ಆಯ್ದ 30 ವಿದ್ಯಾರ್ಥಿಗಳಿಗೆ ಶೈಕ್ಷಣಿಕ ಪ್ರವಾಸ ಕೈಗೊಳ್ಳಲಾಯಿತು. ಈಸ್ಟ್ ಲಂಡನ್ ಅಥ್ ಯೂನಿವರ್ಸಿಟಿ ಜೊತೆ ಒಪ್ಪಂದ ಮಾಡಿಕೊಳ್ಳಲಾಗಿದೆ ಎಂದು ತಿಳಿಸಿದರು. ಶಿಕ್ಷಣ ಕ್ಷೇತ್ರದಲ್ಲಿ ಸುಮಾರು 450 ರಿಂದ 500 ಮಂದಿಗಳ ಹುದ್ದೆಗಳು ಖಾಲಿಯಿದ್ದು ಹಂತ ಹಂತವಾಗಿ ಭರ್ತಿ ಮಾಡಲಾಗುವುದು. ಹೊಸದಾಗಿ ನೇಮಕಾತಿ ಹೊಂದಿದ ಸಹಾಯಕ ಪ್ರಾಧ್ಯಾಪಕರು ಚೆನ್ನಾಗಿ ಕೆಲಸ ಮಾಡಬೇಕು. ಸರ್ಕಾರ ನಿಮ್ಮ ಬೆಂಬಲಕ್ಕಿದೆ ಎಂದು ಹೇಳಿದರು.

ಇಲಾಖೆ ಸಹಾಯಕ ಪ್ರಾಧ್ಯಾಪಕರ ನೇಮಕಾತಿ ಪ್ರಕ್ರಿಯೆಯಲ್ಲಿ ಯಾವುದೇ ಭ್ರಷ್ಟಾಚಾರಕ್ಕೆ ಅವಕಾಶ ನೀಡದೆ ಪಾರದರ್ಶಕವಾಗಿ ನಡೆಸಲಾಗಿದೆ. ನೇಮಕಾತಿ ಪ್ರಕ್ರಿಯೆಯಲ್ಲಿ ತೊಡಗಿಸಿಕೊಂಡ ಎಲ್ಲಾ ಅಧಿಕಾರಿಗಳಿಗೆ ಅಭಿನಂದನೆ ಸಲ್ಲಿಸಿದರು. ಹೊಸದಾಗಿ ನೇಮಕಗೊಂಡ ಸಹಾಯಕ ಪ್ರಾಧ್ಯಾಪಕರು ಶ್ರದ್ಧೆಯಿಂದ ಕಾರ್ಯನಿರ್ವಹಿಸಬೇಕು. ಶಿಕ್ಷಕರು ನಿರಂತರ ಕಲಿಕೆಯಲ್ಲಿ ತೊಡಗಿಸಿಕೊಳ್ಳಬೇಕು. ಕಾರ್ಯಕ್ರಮದಲ್ಲಿ ಕಾಲೇಜು ಶಿಕ್ಷಣ ಇಲಾಖೆ ಆಯುಕ್ತೆ ಮಂಜುಶ್ರೀ, ತಾಂತ್ರಿಕ ಶಿಕ್ಷಣ ಇಲಾಖೆ ನಿರ್ದೇಶಕ ಹಾಗೂ ವಿಶ್ವವಿದ್ಯಾಲಯದ ಕುಲಪತಿಗಳು ಉಪಸ್ಥಿತರಿದ್ದರು. ಕಾಲೇಜು ಶಿಕ್ಷಣ ಇಲಾಖೆ ಕಾರ್ಯದರ್ಶಿ ಶ್ರೀಕರ್, ಸರ್ಕಾರದ ಪ್ರಧಾನ ಕಾರ್ಯದರ್ಶಿ ಎಸ್.ಶಾಲಿನಿ, ಹೆಚ್ಚುವರಿ ನಿರ್ದೇಶಕ ಡಾ. ಶೋಭಾ ಜಿ. ಸೇರಿದಂತೆ ಇತರರು ಹಾಜರಿದ್ದರು.
